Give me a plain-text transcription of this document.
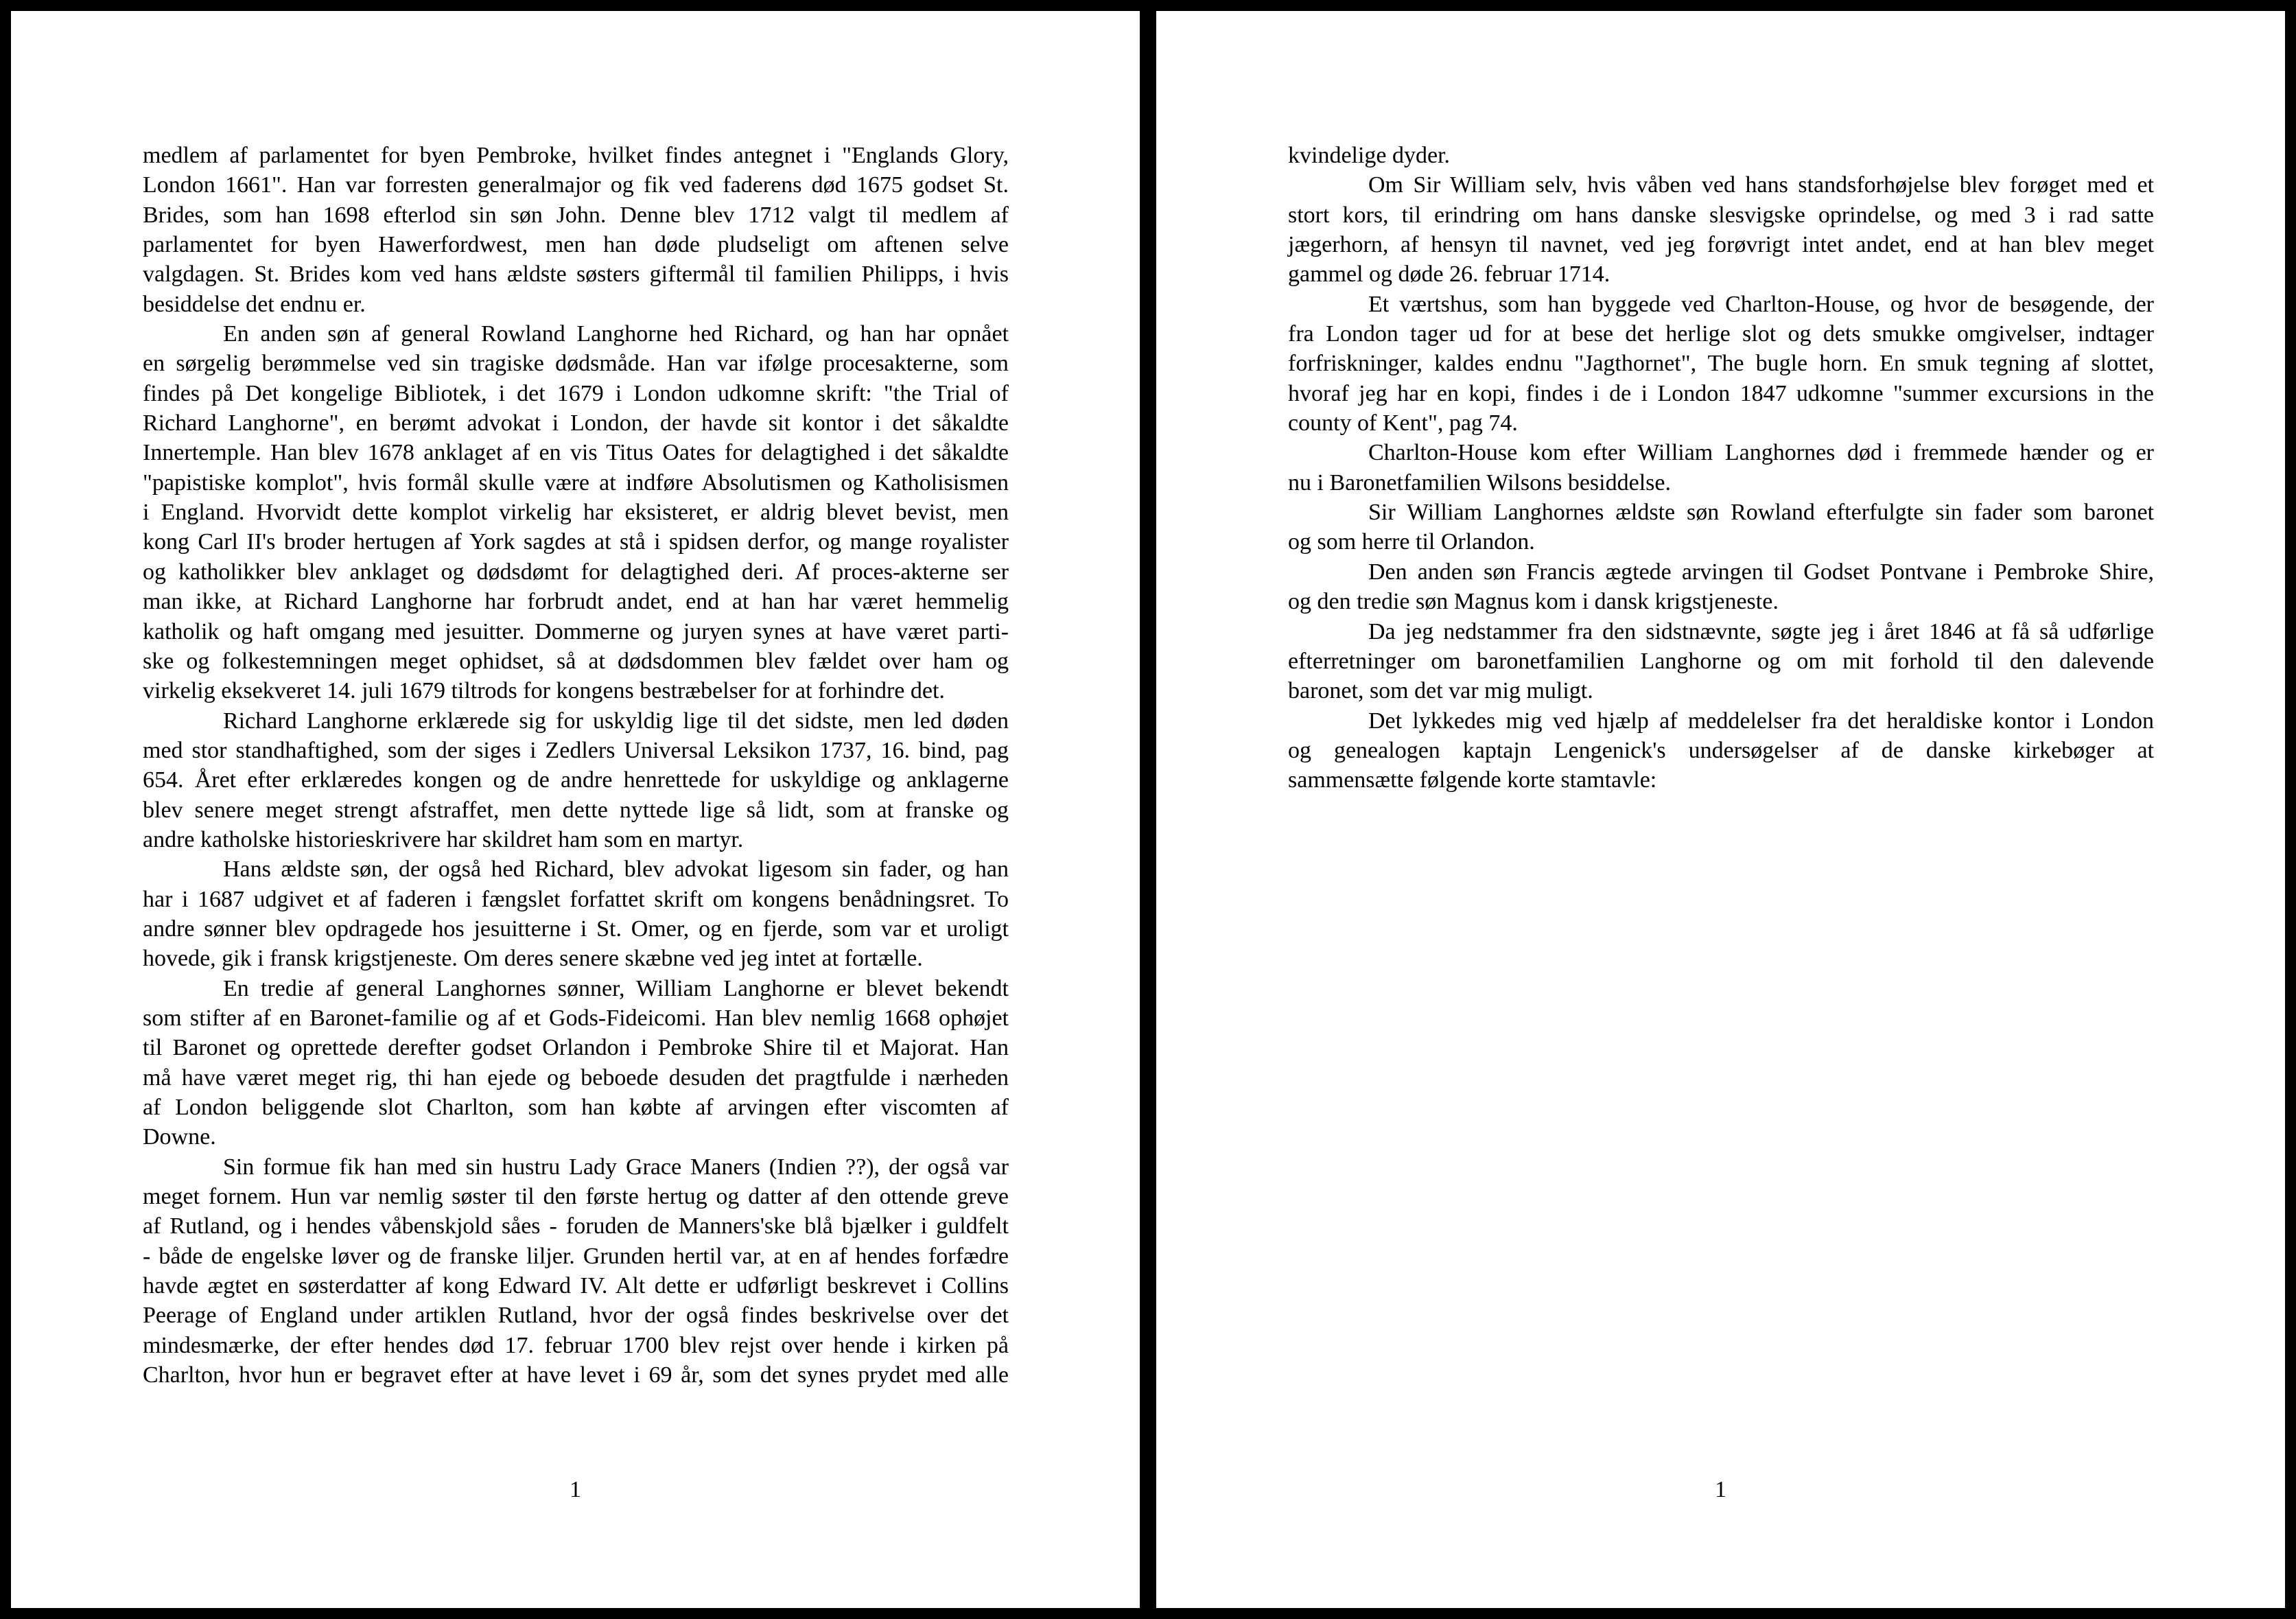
medlem af parlamentet for byen Pembroke, hvilket findes antegnet i "Englands Glory,
London 1661". Han var forresten generalmajor og fik ved faderens død 1675 godset St.
Brides, som han 1698 efterlod sin søn John. Denne blev 1712 valgt til medlem af
parlamentet for byen Hawerfordwest, men han døde pludseligt om aftenen selve
valgdagen. St. Brides kom ved hans ældste søsters giftermål til familien Philipps, i hvis
besiddelse det endnu er.
En anden søn af general Rowland Langhorne hed Richard, og han har opnået
en sørgelig berømmelse ved sin tragiske dødsmåde. Han var ifølge procesakterne, som
findes på Det kongelige Bibliotek, i det 1679 i London udkomne skrift: "the Trial of
Richard Langhorne", en berømt advokat i London, der havde sit kontor i det såkaldte
Innertemple. Han blev 1678 anklaget af en vis Titus Oates for delagtighed i det såkaldte
"papistiske komplot", hvis formål skulle være at indføre Absolutismen og Katholisismen
i England. Hvorvidt dette komplot virkelig har eksisteret, er aldrig blevet bevist, men
kong Carl II's broder hertugen af York sagdes at stå i spidsen derfor, og mange royalister
og katholikker blev anklaget og dødsdømt for delagtighed deri. Af proces-akterne ser
man ikke, at Richard Langhorne har forbrudt andet, end at han har været hemmelig
katholik og haft omgang med jesuitter. Dommerne og juryen synes at have været parti-
ske og folkestemningen meget ophidset, så at dødsdommen blev fældet over ham og
virkelig eksekveret 14. juli 1679 tiltrods for kongens bestræbelser for at forhindre det.
Richard Langhorne erklærede sig for uskyldig lige til det sidste, men led døden
med stor standhaftighed, som der siges i Zedlers Universal Leksikon 1737, 16. bind, pag
654. Året efter erklæredes kongen og de andre henrettede for uskyldige og anklagerne
blev senere meget strengt afstraffet, men dette nyttede lige så lidt, som at franske og
andre katholske historieskrivere har skildret ham som en martyr.
Hans ældste søn, der også hed Richard, blev advokat ligesom sin fader, og han
har i 1687 udgivet et af faderen i fængslet forfattet skrift om kongens benådningsret. To
andre sønner blev opdragede hos jesuitterne i St. Omer, og en fjerde, som var et uroligt
hovede, gik i fransk krigstjeneste. Om deres senere skæbne ved jeg intet at fortælle.
En tredie af general Langhornes sønner, William Langhorne er blevet bekendt
som stifter af en Baronet-familie og af et Gods-Fideicomi. Han blev nemlig 1668 ophøjet
til Baronet og oprettede derefter godset Orlandon i Pembroke Shire til et Majorat. Han
må have været meget rig, thi han ejede og beboede desuden det pragtfulde i nærheden
af London beliggende slot Charlton, som han købte af arvingen efter viscomten af
Downe.
Sin formue fik han med sin hustru Lady Grace Maners (Indien ??), der også var
meget fornem. Hun var nemlig søster til den første hertug og datter af den ottende greve
af Rutland, og i hendes våbenskjold såes - foruden de Manners'ske blå bjælker i guldfelt
- både de engelske løver og de franske liljer. Grunden hertil var, at en af hendes forfædre
havde ægtet en søsterdatter af kong Edward IV. Alt dette er udførligt beskrevet i Collins
Peerage of England under artiklen Rutland, hvor der også findes beskrivelse over det
mindesmærke, der efter hendes død 17. februar 1700 blev rejst over hende i kirken på
Charlton, hvor hun er begravet efter at have levet i 69 år, som det synes prydet med alle
1
kvindelige dyder.
Om Sir William selv, hvis våben ved hans standsforhøjelse blev forøget med et
stort kors, til erindring om hans danske slesvigske oprindelse, og med 3 i rad satte
jægerhorn, af hensyn til navnet, ved jeg forøvrigt intet andet, end at han blev meget
gammel og døde 26. februar 1714.
Et værtshus, som han byggede ved Charlton-House, og hvor de besøgende, der
fra London tager ud for at bese det herlige slot og dets smukke omgivelser, indtager
forfriskninger, kaldes endnu "Jagthornet", The bugle horn. En smuk tegning af slottet,
hvoraf jeg har en kopi, findes i de i London 1847 udkomne "summer excursions in the
county of Kent", pag 74.
Charlton-House kom efter William Langhornes død i fremmede hænder og er
nu i Baronetfamilien Wilsons besiddelse.
Sir William Langhornes ældste søn Rowland efterfulgte sin fader som baronet
og som herre til Orlandon.
Den anden søn Francis ægtede arvingen til Godset Pontvane i Pembroke Shire,
og den tredie søn Magnus kom i dansk krigstjeneste.
Da jeg nedstammer fra den sidstnævnte, søgte jeg i året 1846 at få så udførlige
efterretninger om baronetfamilien Langhorne og om mit forhold til den dalevende
baronet, som det var mig muligt.
Det lykkedes mig ved hjælp af meddelelser fra det heraldiske kontor i London
og genealogen kaptajn Lengenick's undersøgelser af de danske kirkebøger at
sammensætte følgende korte stamtavle:
1
